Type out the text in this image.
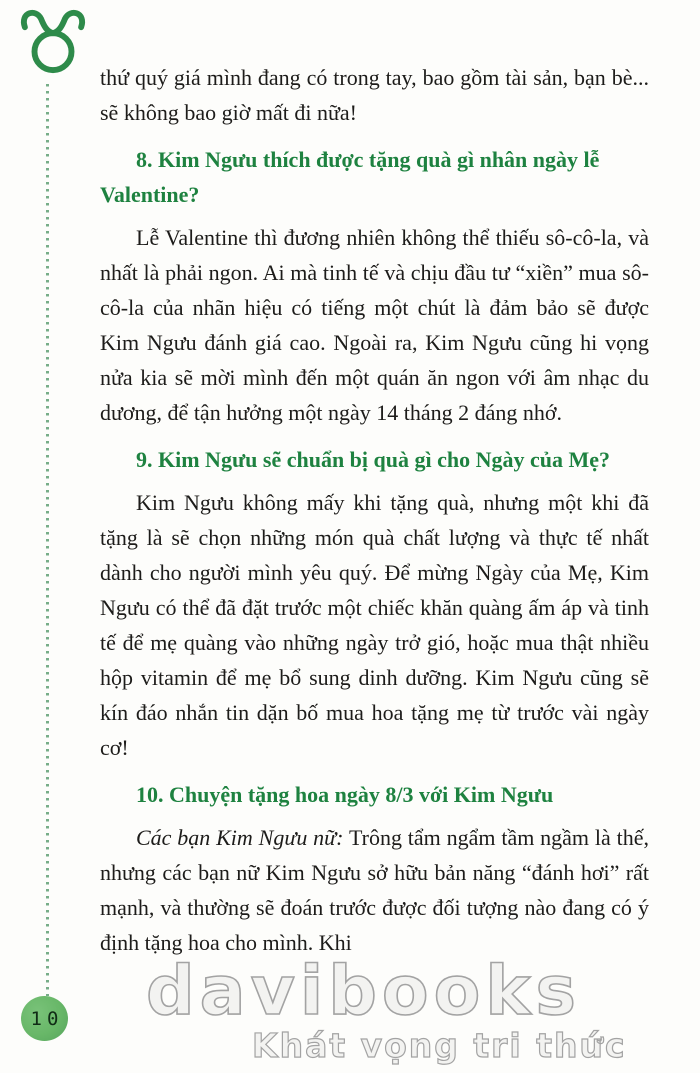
10

thứ quý giá mình đang có trong tay, bao gồm tài sản, bạn bè... sẽ không bao giờ mất đi nữa!

8. Kim Ngưu thích được tặng quà gì nhân ngày lễ Valentine?

Lễ Valentine thì đương nhiên không thể thiếu sô-cô-la, và nhất là phải ngon. Ai mà tinh tế và chịu đầu tư “xiền” mua sô-cô-la của nhãn hiệu có tiếng một chút là đảm bảo sẽ được Kim Ngưu đánh giá cao. Ngoài ra, Kim Ngưu cũng hi vọng nửa kia sẽ mời mình đến một quán ăn ngon với âm nhạc du dương, để tận hưởng một ngày 14 tháng 2 đáng nhớ.

9. Kim Ngưu sẽ chuẩn bị quà gì cho Ngày của Mẹ?

Kim Ngưu không mấy khi tặng quà, nhưng một khi đã tặng là sẽ chọn những món quà chất lượng và thực tế nhất dành cho người mình yêu quý. Để mừng Ngày của Mẹ, Kim Ngưu có thể đã đặt trước một chiếc khăn quàng ấm áp và tinh tế để mẹ quàng vào những ngày trở gió, hoặc mua thật nhiều hộp vitamin để mẹ bổ sung dinh dưỡng. Kim Ngưu cũng sẽ kín đáo nhắn tin dặn bố mua hoa tặng mẹ từ trước vài ngày cơ!

10. Chuyện tặng hoa ngày 8/3 với Kim Ngưu

Các bạn Kim Ngưu nữ: Trông tẩm ngẩm tầm ngầm là thế, nhưng các bạn nữ Kim Ngưu sở hữu bản năng “đánh hơi” rất mạnh, và thường sẽ đoán trước được đối tượng nào đang có ý định tặng hoa cho mình. Khi

davibooks
Khát vọng tri thức
